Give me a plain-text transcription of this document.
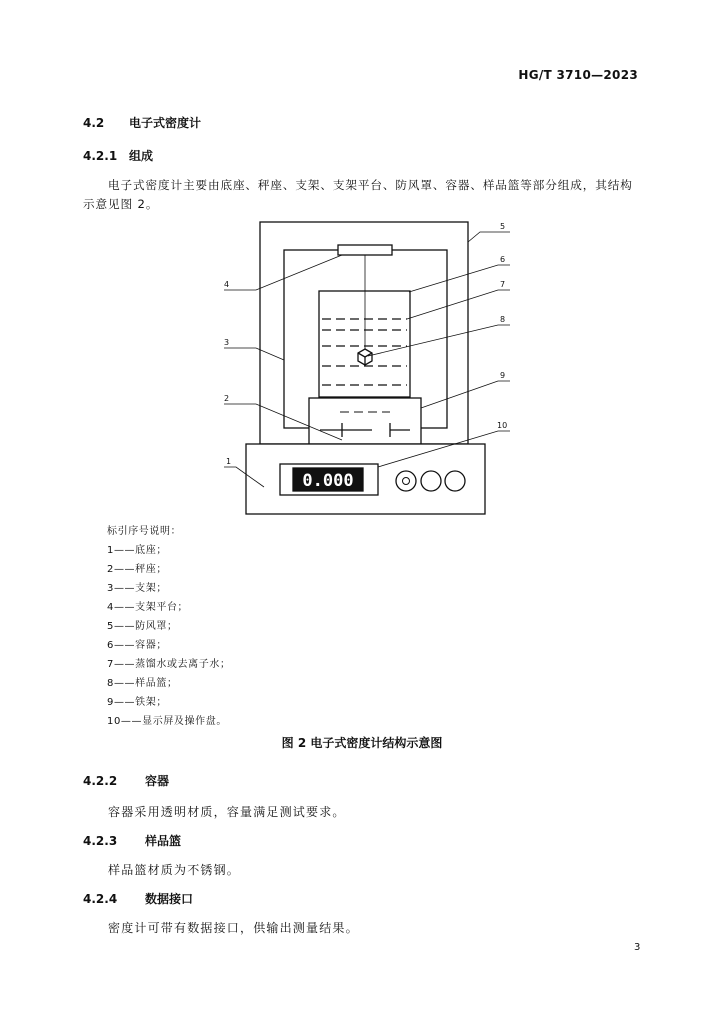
HG/T 3710—2023
4.2 电子式密度计
4.2.1 组成
电子式密度计主要由底座、秤座、支架、支架平台、防风罩、容器、样品篮等部分组成，其结构
示意见图 2。
0.000
1
2
3
4
5
6
7
8
9
10
标引序号说明：
1——底座；
2——秤座；
3——支架；
4——支架平台；
5——防风罩；
6——容器；
7——蒸馏水或去离子水；
8——样品篮；
9——铁架；
10——显示屏及操作盘。
图 2 电子式密度计结构示意图
4.2.2 容器
容器采用透明材质，容量满足测试要求。
4.2.3 样品篮
样品篮材质为不锈钢。
4.2.4 数据接口
密度计可带有数据接口，供输出测量结果。
3
